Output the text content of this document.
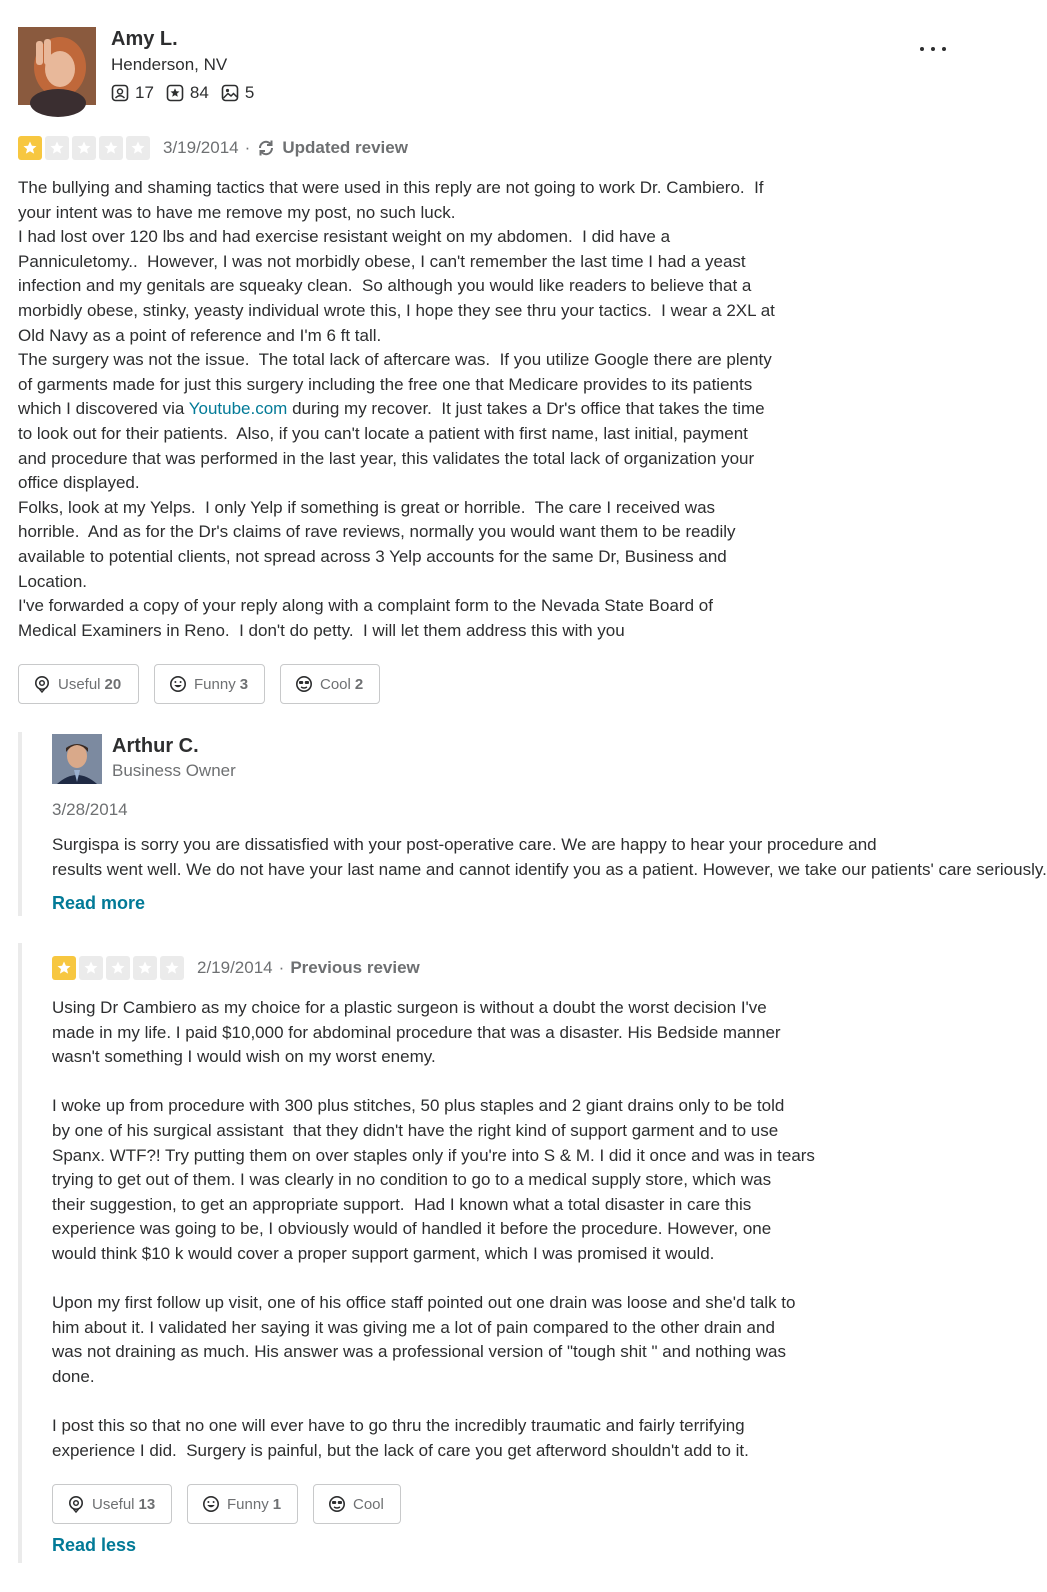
Amy L.
Henderson, NV
17 84 5
3/19/2014 · Updated review
The bullying and shaming tactics that were used in this reply are not going to work Dr. Cambiero.  If
your intent was to have me remove my post, no such luck.
I had lost over 120 lbs and had exercise resistant weight on my abdomen.  I did have a
Panniculetomy..  However, I was not morbidly obese, I can't remember the last time I had a yeast
infection and my genitals are squeaky clean.  So although you would like readers to believe that a
morbidly obese, stinky, yeasty individual wrote this, I hope they see thru your tactics.  I wear a 2XL at
Old Navy as a point of reference and I'm 6 ft tall.
The surgery was not the issue.  The total lack of aftercare was.  If you utilize Google there are plenty
of garments made for just this surgery including the free one that Medicare provides to its patients
which I discovered via Youtube.com during my recover.  It just takes a Dr's office that takes the time
to look out for their patients.  Also, if you can't locate a patient with first name, last initial, payment
and procedure that was performed in the last year, this validates the total lack of organization your
office displayed.
Folks, look at my Yelps.  I only Yelp if something is great or horrible.  The care I received was
horrible.  And as for the Dr's claims of rave reviews, normally you would want them to be readily
available to potential clients, not spread across 3 Yelp accounts for the same Dr, Business and
Location.
I've forwarded a copy of your reply along with a complaint form to the Nevada State Board of
Medical Examiners in Reno.  I don't do petty.  I will let them address this with you
Useful 20	Funny 3	Cool 2
Arthur C.
Business Owner
3/28/2014
Surgispa is sorry you are dissatisfied with your post-operative care. We are happy to hear your procedure and
results went well. We do not have your last name and cannot identify you as a patient. However, we take our patients' care seriously.
Read more
2/19/2014 · Previous review
Using Dr Cambiero as my choice for a plastic surgeon is without a doubt the worst decision I've
made in my life. I paid $10,000 for abdominal procedure that was a disaster. His Bedside manner
wasn't something I would wish on my worst enemy.

I woke up from procedure with 300 plus stitches, 50 plus staples and 2 giant drains only to be told
by one of his surgical assistant  that they didn't have the right kind of support garment and to use
Spanx. WTF?! Try putting them on over staples only if you're into S & M. I did it once and was in tears
trying to get out of them. I was clearly in no condition to go to a medical supply store, which was
their suggestion, to get an appropriate support.  Had I known what a total disaster in care this
experience was going to be, I obviously would of handled it before the procedure. However, one
would think $10 k would cover a proper support garment, which I was promised it would.

Upon my first follow up visit, one of his office staff pointed out one drain was loose and she'd talk to
him about it. I validated her saying it was giving me a lot of pain compared to the other drain and
was not draining as much. His answer was a professional version of "tough shit " and nothing was
done.

I post this so that no one will ever have to go thru the incredibly traumatic and fairly terrifying
experience I did.  Surgery is painful, but the lack of care you get afterword shouldn't add to it.
Useful 13	Funny 1	Cool
Read less
